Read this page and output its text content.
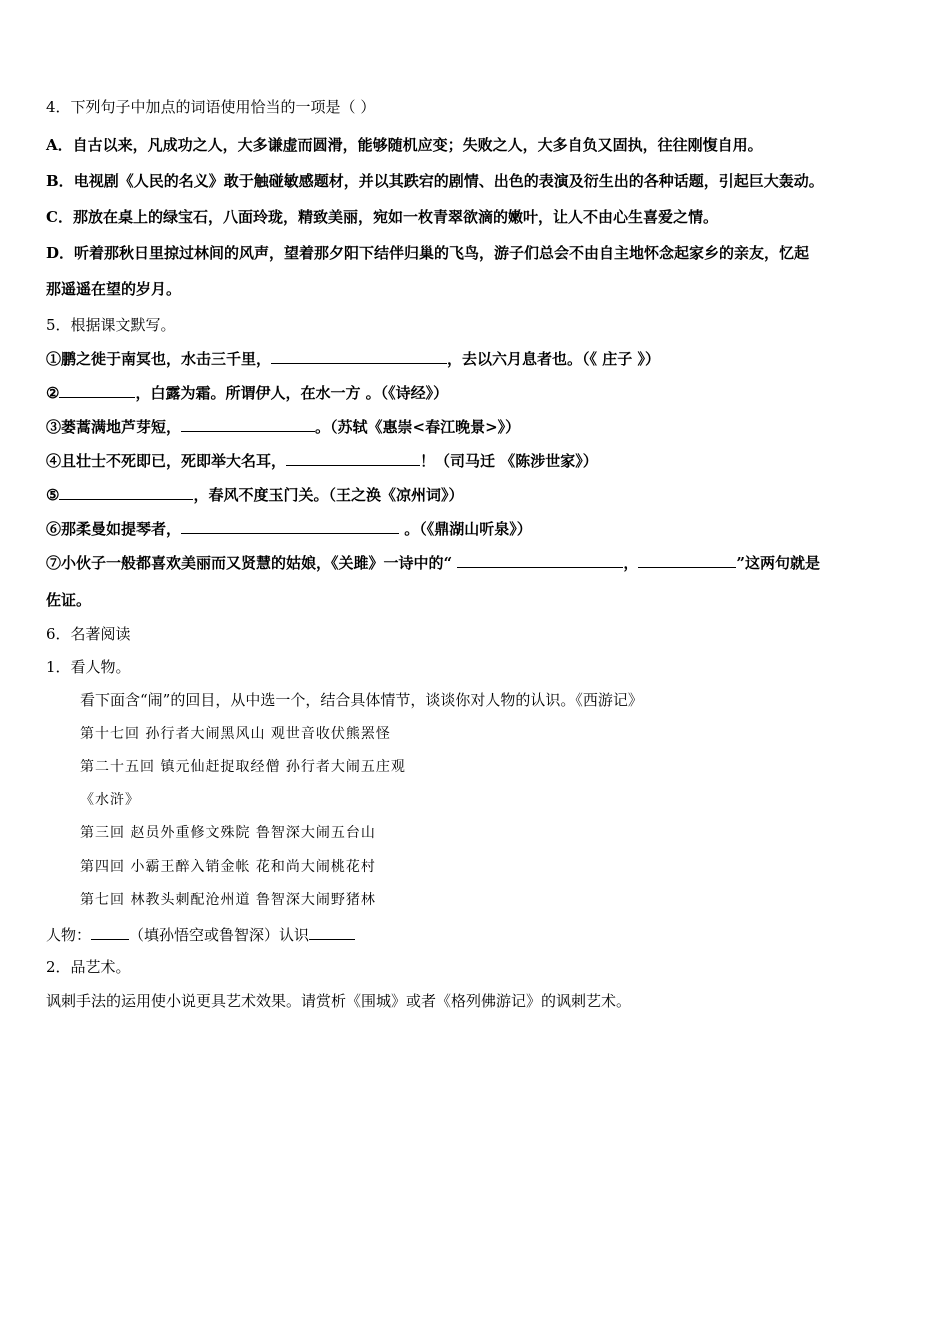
4．下列句子中加点的词语使用恰当的一项是（ ）
A．自古以来，凡成功之人，大多谦虚而圆滑，能够随机应变；失败之人，大多自负又固执，往往刚愎自用。
B．电视剧《人民的名义》敢于触碰敏感题材，并以其跌宕的剧情、出色的表演及衍生出的各种话题，引起巨大轰动。
C．那放在桌上的绿宝石，八面玲珑，精致美丽，宛如一枚青翠欲滴的嫩叶，让人不由心生喜爱之情。
D．听着那秋日里掠过林间的风声，望着那夕阳下结伴归巢的飞鸟，游子们总会不由自主地怀念起家乡的亲友，忆起
那遥遥在望的岁月。
5．根据课文默写。
①鹏之徙于南冥也，水击三千里，	，去以六月息者也。（《 庄子 》）
②	，白露为霜。所谓伊人，在水一方 。（《诗经》）
③蒌蒿满地芦芽短，	。（苏轼《惠崇<春江晚景>》）
④且壮士不死即已，死即举大名耳，	！（司马迁 《陈涉世家》）
⑤	，春风不度玉门关。（王之涣《凉州词》）
⑥那柔曼如提琴者，	。（《鼎湖山听泉》）
⑦小伙子一般都喜欢美丽而又贤慧的姑娘，《关雎》一诗中的“	，	”这两句就是
佐证。
6．名著阅读
1．看人物。
看下面含“闹”的回目，从中选一个，结合具体情节，谈谈你对人物的认识。《西游记》
第十七回 孙行者大闹黑风山 观世音收伏熊罴怪
第二十五回 镇元仙赶捉取经僧 孙行者大闹五庄观
《水浒》
第三回 赵员外重修文殊院 鲁智深大闹五台山
第四回 小霸王醉入销金帐 花和尚大闹桃花村
第七回 林教头刺配沧州道 鲁智深大闹野猪林
人物：	（填孙悟空或鲁智深）认识
2．品艺术。
讽刺手法的运用使小说更具艺术效果。请赏析《围城》或者《格列佛游记》的讽刺艺术。
